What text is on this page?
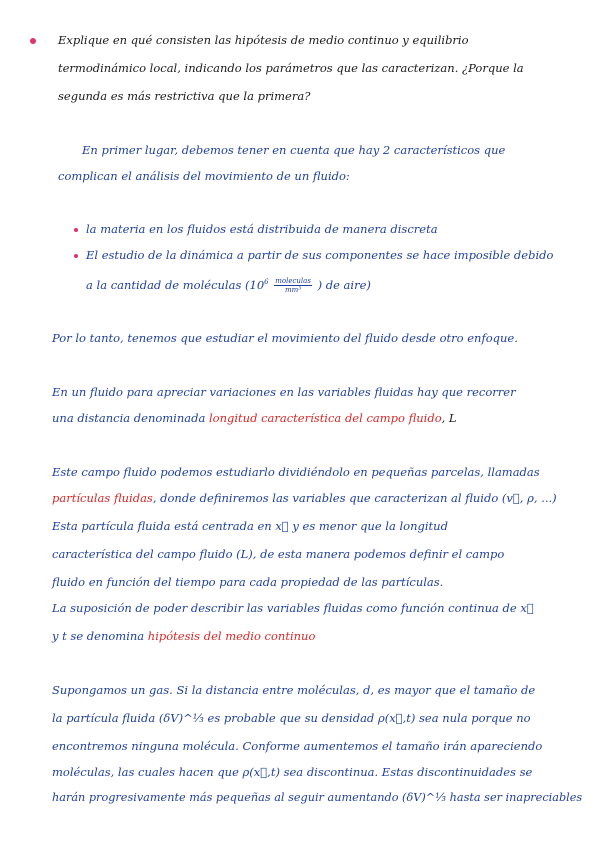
Explique en qué consisten las hipótesis de medio continuo y equilibrio
termodinámico local, indicando los parámetros que las caracterizan. ¿Porque la
segunda es más restrictiva que la primera?
En primer lugar, debemos tener en cuenta que hay 2 característicos que
complican el análisis del movimiento de un fluido:
la materia en los fluidos está distribuida de manera discreta
El estudio de la dinámica a partir de sus componentes se hace imposible debido
a la cantidad de moléculas ($10^6 \frac{\text{moleculas}}{\text{mm³}}$ ) de aire)
Por lo tanto, tenemos que estudiar el movimiento del fluido desde otro enfoque.
En un fluido para apreciar variaciones en las variables fluidas hay que recorrer
una distancia denominada longitud característica del campo fluido, L
Este campo fluido podemos estudiarlo dividiéndolo en pequeñas parcelas, llamadas
partículas fluidas, donde definiremos las variables que caracterizan al fluido (v⃗, ρ, ...)
Esta partícula fluida está centrada en x⃗ y es menor que la longitud
característica del campo fluido (L), de esta manera podemos definir el campo
fluido en función del tiempo para cada propiedad de las partículas.
La suposición de poder describir las variables fluidas como función continua de x⃗
y t se denomina hipótesis del medio continuo
Supongamos un gas. Si la distancia entre moléculas, d, es mayor que el tamaño de
la partícula fluida (δV)^⅓ es probable que su densidad ρ(x⃗,t) sea nula porque no
encontremos ninguna molécula. Conforme aumentemos el tamaño irán apareciendo
moléculas, las cuales hacen que ρ(x⃗,t) sea discontinua. Estas discontinuidades se
harán progresivamente más pequeñas al seguir aumentando (δV)^⅓ hasta ser inapreciables
